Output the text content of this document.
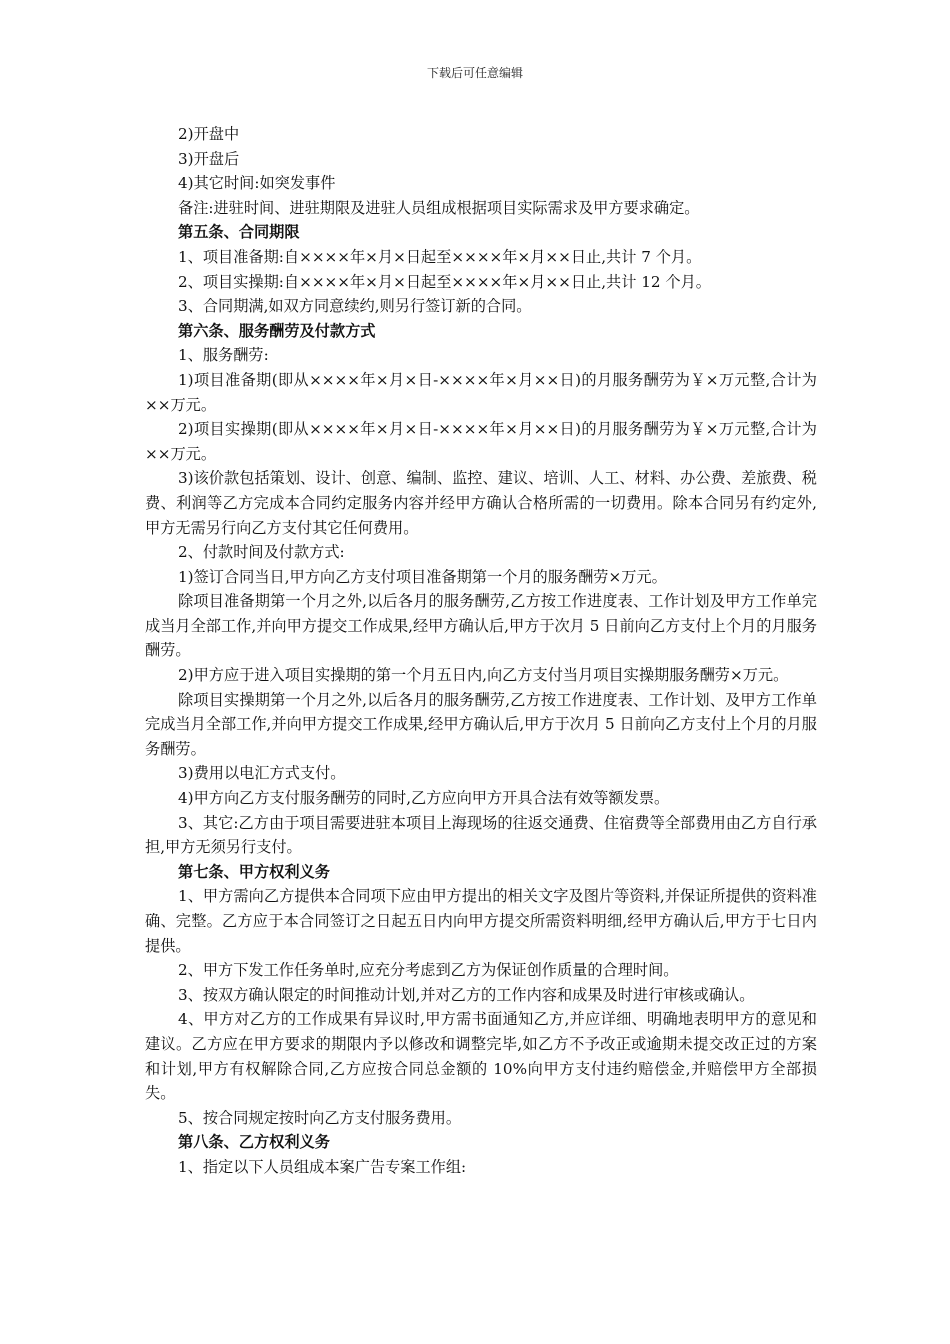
下载后可任意编辑

2)开盘中

3)开盘后

4)其它时间:如突发事件

备注:进驻时间、进驻期限及进驻人员组成根据项目实际需求及甲方要求确定。

第五条、合同期限

1、项目准备期:自××××年×月×日起至××××年×月××日止,共计 7 个月。

2、项目实操期:自××××年×月×日起至××××年×月××日止,共计 12 个月。

3、合同期满,如双方同意续约,则另行签订新的合同。

第六条、服务酬劳及付款方式

1、服务酬劳:

1)项目准备期(即从××××年×月×日-××××年×月××日)的月服务酬劳为￥×万元整,合计为××万元。

2)项目实操期(即从××××年×月×日-××××年×月××日)的月服务酬劳为￥×万元整,合计为××万元。

3)该价款包括策划、设计、创意、编制、监控、建议、培训、人工、材料、办公费、差旅费、税费、利润等乙方完成本合同约定服务内容并经甲方确认合格所需的一切费用。除本合同另有约定外,甲方无需另行向乙方支付其它任何费用。

2、付款时间及付款方式:

1)签订合同当日,甲方向乙方支付项目准备期第一个月的服务酬劳×万元。

除项目准备期第一个月之外,以后各月的服务酬劳,乙方按工作进度表、工作计划及甲方工作单完成当月全部工作,并向甲方提交工作成果,经甲方确认后,甲方于次月 5 日前向乙方支付上个月的月服务酬劳。

2)甲方应于进入项目实操期的第一个月五日内,向乙方支付当月项目实操期服务酬劳×万元。

除项目实操期第一个月之外,以后各月的服务酬劳,乙方按工作进度表、工作计划、及甲方工作单完成当月全部工作,并向甲方提交工作成果,经甲方确认后,甲方于次月 5 日前向乙方支付上个月的月服务酬劳。

3)费用以电汇方式支付。

4)甲方向乙方支付服务酬劳的同时,乙方应向甲方开具合法有效等额发票。

3、其它:乙方由于项目需要进驻本项目上海现场的往返交通费、住宿费等全部费用由乙方自行承担,甲方无须另行支付。

第七条、甲方权利义务

1、甲方需向乙方提供本合同项下应由甲方提出的相关文字及图片等资料,并保证所提供的资料准确、完整。乙方应于本合同签订之日起五日内向甲方提交所需资料明细,经甲方确认后,甲方于七日内提供。

2、甲方下发工作任务单时,应充分考虑到乙方为保证创作质量的合理时间。

3、按双方确认限定的时间推动计划,并对乙方的工作内容和成果及时进行审核或确认。

4、甲方对乙方的工作成果有异议时,甲方需书面通知乙方,并应详细、明确地表明甲方的意见和建议。乙方应在甲方要求的期限内予以修改和调整完毕,如乙方不予改正或逾期未提交改正过的方案和计划,甲方有权解除合同,乙方应按合同总金额的 10%向甲方支付违约赔偿金,并赔偿甲方全部损失。

5、按合同规定按时向乙方支付服务费用。

第八条、乙方权利义务

1、指定以下人员组成本案广告专案工作组:
